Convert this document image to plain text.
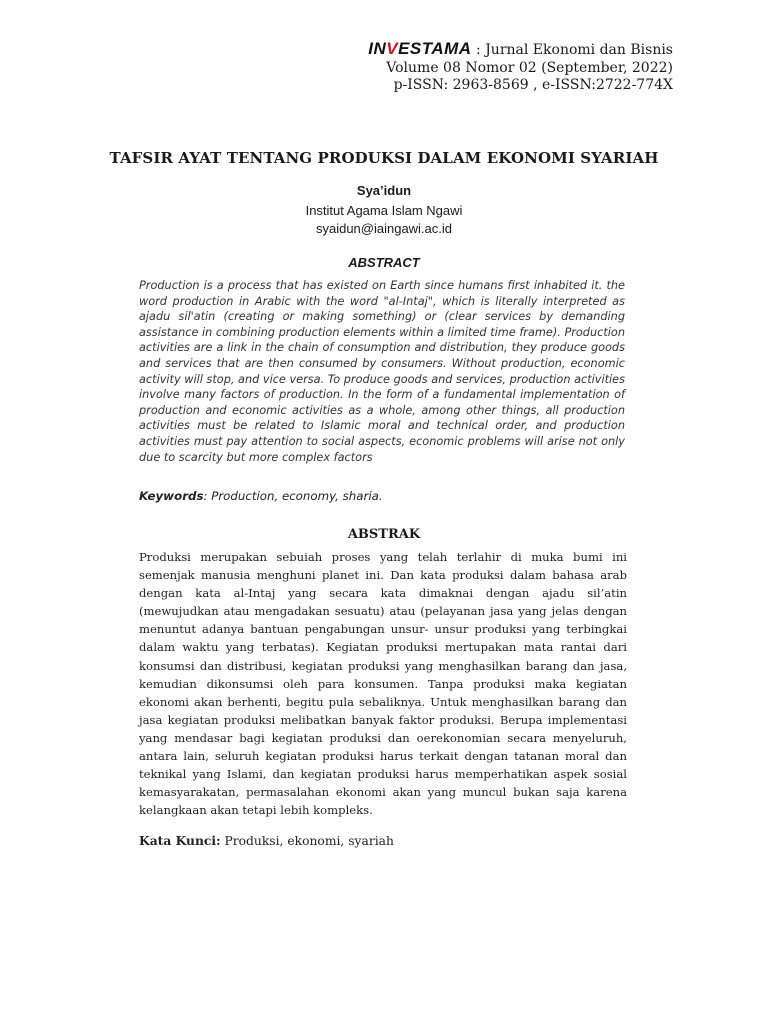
INVESTAMA : Jurnal Ekonomi dan Bisnis
Volume 08 Nomor 02 (September, 2022)
p-ISSN: 2963-8569 , e-ISSN:2722-774X
TAFSIR AYAT TENTANG PRODUKSI DALAM EKONOMI SYARIAH
Sya’idun
Institut Agama Islam Ngawi
syaidun@iaingawi.ac.id
ABSTRACT

Production is a process that has existed on Earth since humans first inhabited it. the word production in Arabic with the word "al-Intaj", which is literally interpreted as ajadu sil'atin (creating or making something) or (clear services by demanding assistance in combining production elements within a limited time frame). Production activities are a link in the chain of consumption and distribution, they produce goods and services that are then consumed by consumers. Without production, economic activity will stop, and vice versa. To produce goods and services, production activities involve many factors of production. In the form of a fundamental implementation of production and economic activities as a whole, among other things, all production activities must be related to Islamic moral and technical order, and production activities must pay attention to social aspects, economic problems will arise not only due to scarcity but more complex factors

Keywords: Production, economy, sharia.
ABSTRAK

Produksi merupakan sebuiah proses yang telah terlahir di muka bumi ini semenjak manusia menghuni planet ini. Dan kata produksi dalam bahasa arab dengan kata al-Intaj yang secara kata dimaknai dengan ajadu sil’atin (mewujudkan atau mengadakan sesuatu) atau (pelayanan jasa yang jelas dengan menuntut adanya bantuan pengabungan unsur- unsur produksi yang terbingkai dalam waktu yang terbatas). Kegiatan produksi mertupakan mata rantai dari konsumsi dan distribusi, kegiatan produksi yang menghasilkan barang dan jasa, kemudian dikonsumsi oleh para konsumen. Tanpa produksi maka kegiatan ekonomi akan berhenti, begitu pula sebaliknya. Untuk menghasilkan barang dan jasa kegiatan produksi melibatkan banyak faktor produksi. Berupa implementasi yang mendasar bagi kegiatan produksi dan oerekonomian secara menyeluruh, antara lain, seluruh kegiatan produksi harus terkait dengan tatanan moral dan teknikal yang Islami, dan kegiatan produksi harus memperhatikan aspek sosial kemasyarakatan, permasalahan ekonomi akan yang muncul bukan saja karena kelangkaan akan tetapi lebih kompleks.

Kata Kunci: Produksi, ekonomi, syariah
